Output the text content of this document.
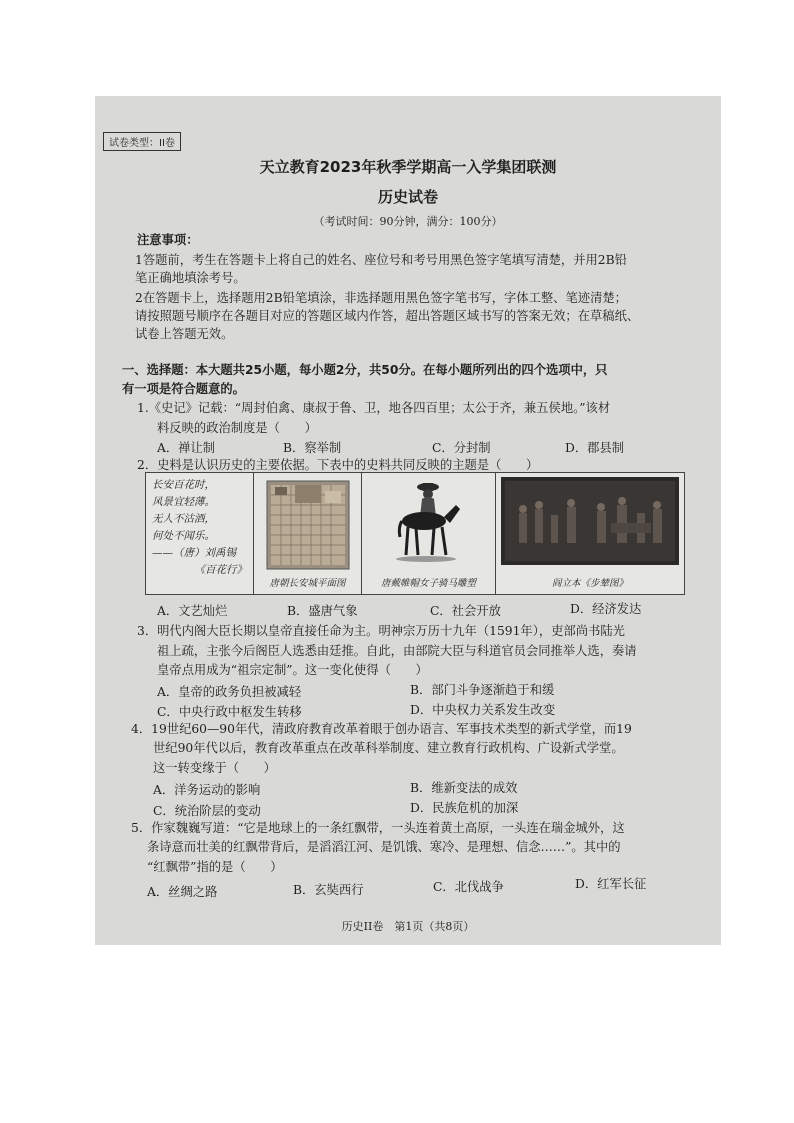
试卷类型：II卷
天立教育2023年秋季学期高一入学集团联测
历史试卷
（考试时间：90分钟，满分：100分）
注意事项：
1答题前，考生在答题卡上将自己的姓名、座位号和考号用黑色签字笔填写清楚，并用2B铅
笔正确地填涂考号。
2在答题卡上，选择题用2B铅笔填涂，非选择题用黑色签字笔书写，字体工整、笔迹清楚；
请按照题号顺序在各题目对应的答题区域内作答，超出答题区域书写的答案无效；在草稿纸、
试卷上答题无效。
一、选择题：本大题共25小题，每小题2分，共50分。在每小题所列出的四个选项中，只
有一项是符合题意的。
1.《史记》记载：“周封伯禽、康叔于鲁、卫，地各四百里；太公于齐，兼五侯地。”该材
料反映的政治制度是（　　）
A．禅让制	B．察举制	C．分封制	D．郡县制
2．史料是认识历史的主要依据。下表中的史料共同反映的主题是（　　）
长安百花时，
风景宜轻薄。
无人不沽酒，
何处不闻乐。
——（唐）刘禹锡
《百花行》
唐朝长安城平面图	唐戴帷帽女子骑马雕塑	阎立本《步辇图》
A．文艺灿烂	B．盛唐气象	C．社会开放	D．经济发达
3．明代内阁大臣长期以皇帝直接任命为主。明神宗万历十九年（1591年），吏部尚书陆光
祖上疏，主张今后阁臣人选悉由廷推。自此，由部院大臣与科道官员会同推举人选，奏请
皇帝点用成为“祖宗定制”。这一变化使得（　　）
A．皇帝的政务负担被减轻	B．部门斗争逐渐趋于和缓
C．中央行政中枢发生转移	D．中央权力关系发生改变
4．19世纪60—90年代，清政府教育改革着眼于创办语言、军事技术类型的新式学堂，而19
世纪90年代以后，教育改革重点在改革科举制度、建立教育行政机构、广设新式学堂。
这一转变缘于（　　）
A．洋务运动的影响	B．维新变法的成效
C．统治阶层的变动	D．民族危机的加深
5．作家魏巍写道：“它是地球上的一条红飘带，一头连着黄土高原，一头连在瑞金城外，这
条诗意而壮美的红飘带背后，是滔滔江河、是饥饿、寒冷、是理想、信念……”。其中的
“红飘带”指的是（　　）
A．丝绸之路	B．玄奘西行	C．北伐战争	D．红军长征
历史II卷　第1页（共8页）
